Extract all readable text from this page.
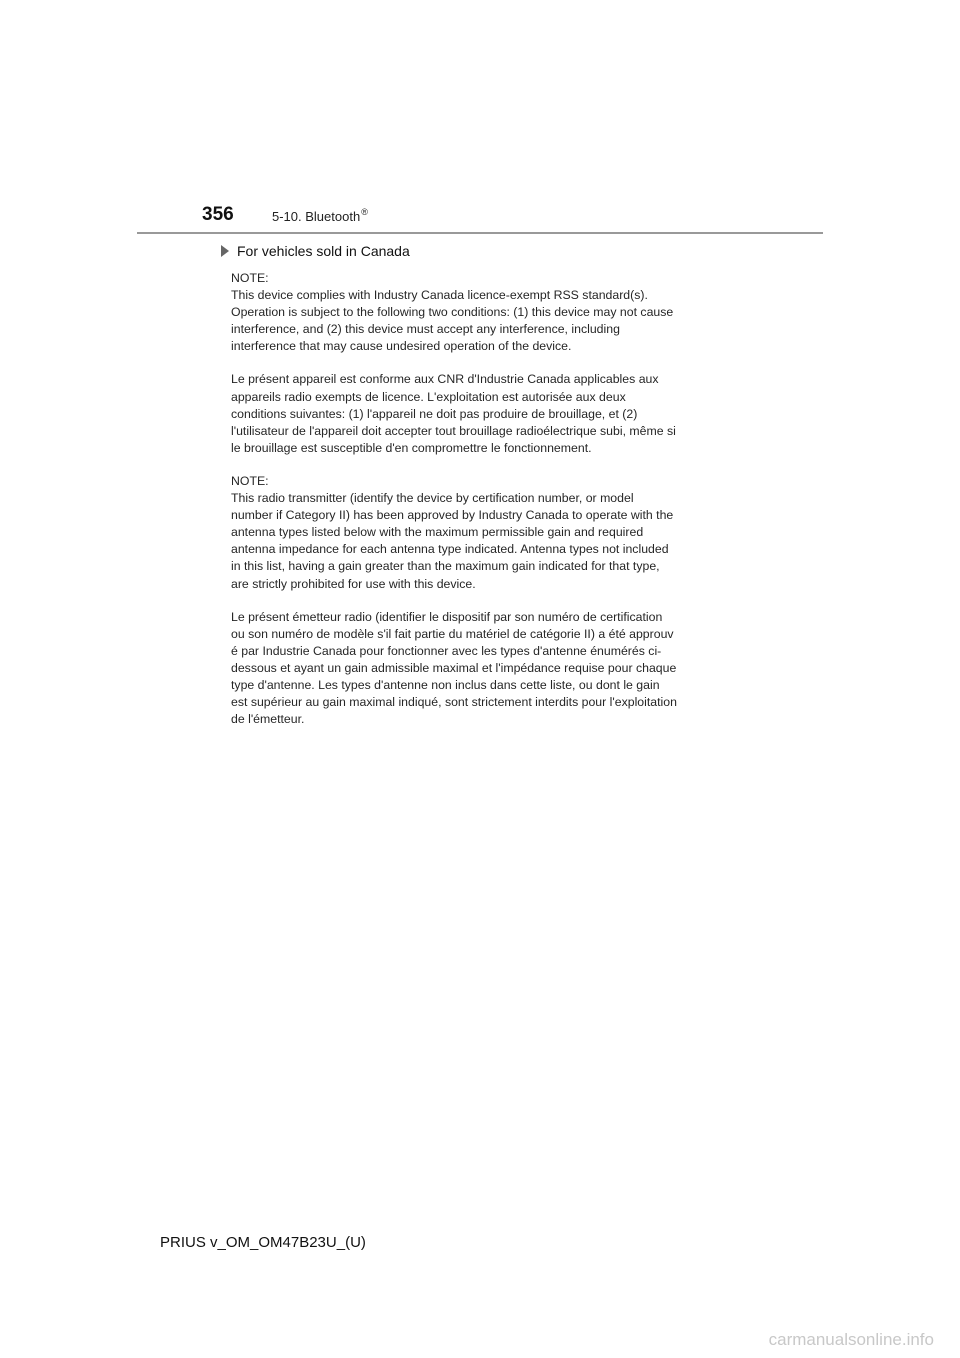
356	5-10. Bluetooth®
For vehicles sold in Canada
NOTE:
This device complies with Industry Canada licence-exempt RSS standard(s).
Operation is subject to the following two conditions: (1) this device may not cause
interference, and (2) this device must accept any interference, including
interference that may cause undesired operation of the device.
Le présent appareil est conforme aux CNR d'Industrie Canada applicables aux
appareils radio exempts de licence. L'exploitation est autorisée aux deux
conditions suivantes: (1) l'appareil ne doit pas produire de brouillage, et (2)
l'utilisateur de l'appareil doit accepter tout brouillage radioélectrique subi, même si
le brouillage est susceptible d'en compromettre le fonctionnement.
NOTE:
This radio transmitter (identify the device by certification number, or model
number if Category II) has been approved by Industry Canada to operate with the
antenna types listed below with the maximum permissible gain and required
antenna impedance for each antenna type indicated. Antenna types not included
in this list, having a gain greater than the maximum gain indicated for that type,
are strictly prohibited for use with this device.
Le présent émetteur radio (identifier le dispositif par son numéro de certification
ou son numéro de modèle s'il fait partie du matériel de catégorie II) a été approuv
é par Industrie Canada pour fonctionner avec les types d'antenne énumérés ci-
dessous et ayant un gain admissible maximal et l'impédance requise pour chaque
type d'antenne. Les types d'antenne non inclus dans cette liste, ou dont le gain
est supérieur au gain maximal indiqué, sont strictement interdits pour l'exploitation
de l'émetteur.
PRIUS v_OM_OM47B23U_(U)
carmanualsonline.info
